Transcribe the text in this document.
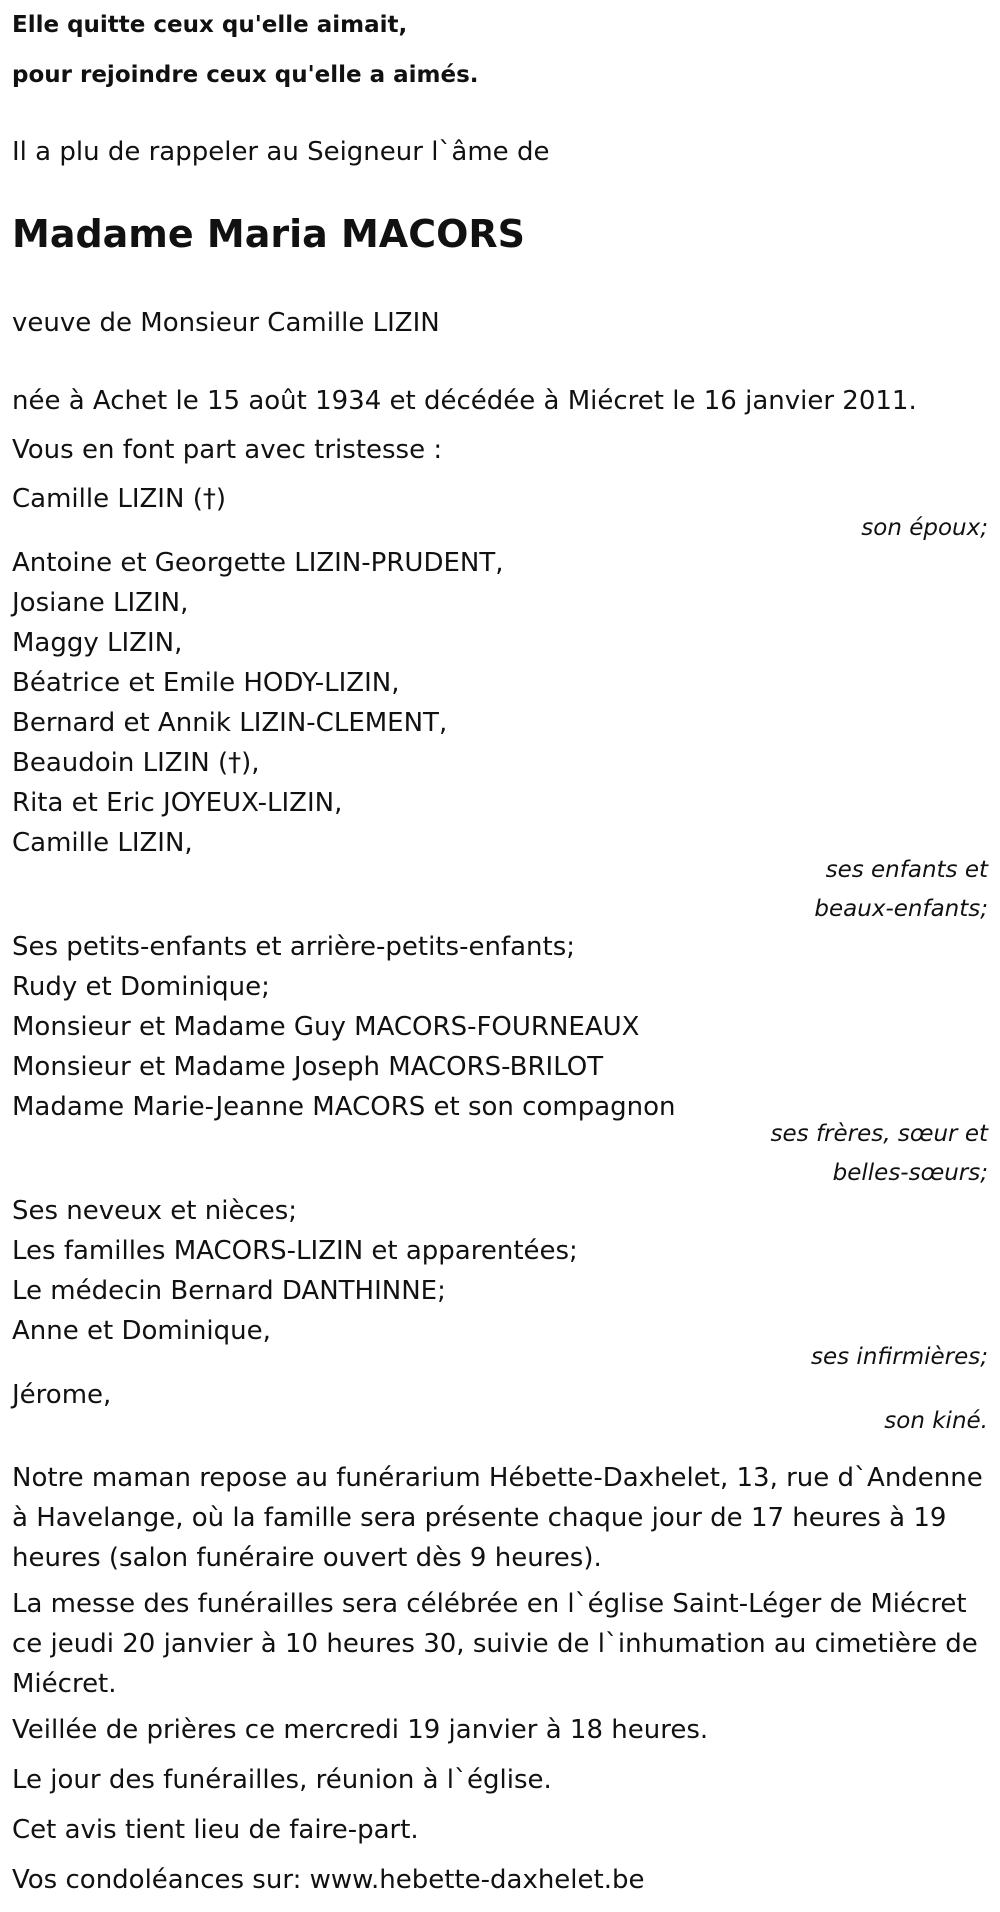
Elle quitte ceux qu'elle aimait,
pour rejoindre ceux qu'elle a aimés.
Il a plu de rappeler au Seigneur l`âme de
Madame Maria MACORS
veuve de Monsieur Camille LIZIN
née à Achet le 15 août 1934 et décédée à Miécret le 16 janvier 2011.
Vous en font part avec tristesse :
Camille LIZIN (†)
son époux;
Antoine et Georgette LIZIN-PRUDENT,
Josiane LIZIN,
Maggy LIZIN,
Béatrice et Emile HODY-LIZIN,
Bernard et Annik LIZIN-CLEMENT,
Beaudoin LIZIN (†),
Rita et Eric JOYEUX-LIZIN,
Camille LIZIN,
ses enfants et
beaux-enfants;
Ses petits-enfants et arrière-petits-enfants;
Rudy et Dominique;
Monsieur et Madame Guy MACORS-FOURNEAUX
Monsieur et Madame Joseph MACORS-BRILOT
Madame Marie-Jeanne MACORS et son compagnon
ses frères, sœur et
belles-sœurs;
Ses neveux et nièces;
Les familles MACORS-LIZIN et apparentées;
Le médecin Bernard DANTHINNE;
Anne et Dominique,
ses infirmières;
Jérome,
son kiné.
Notre maman repose au funérarium Hébette-Daxhelet, 13, rue d`Andenne à Havelange, où la famille sera présente chaque jour de 17 heures à 19 heures (salon funéraire ouvert dès 9 heures).
La messe des funérailles sera célébrée en l`église Saint-Léger de Miécret ce jeudi 20 janvier à 10 heures 30, suivie de l`inhumation au cimetière de Miécret.
Veillée de prières ce mercredi 19 janvier à 18 heures.
Le jour des funérailles, réunion à l`église.
Cet avis tient lieu de faire-part.
Vos condoléances sur: www.hebette-daxhelet.be
